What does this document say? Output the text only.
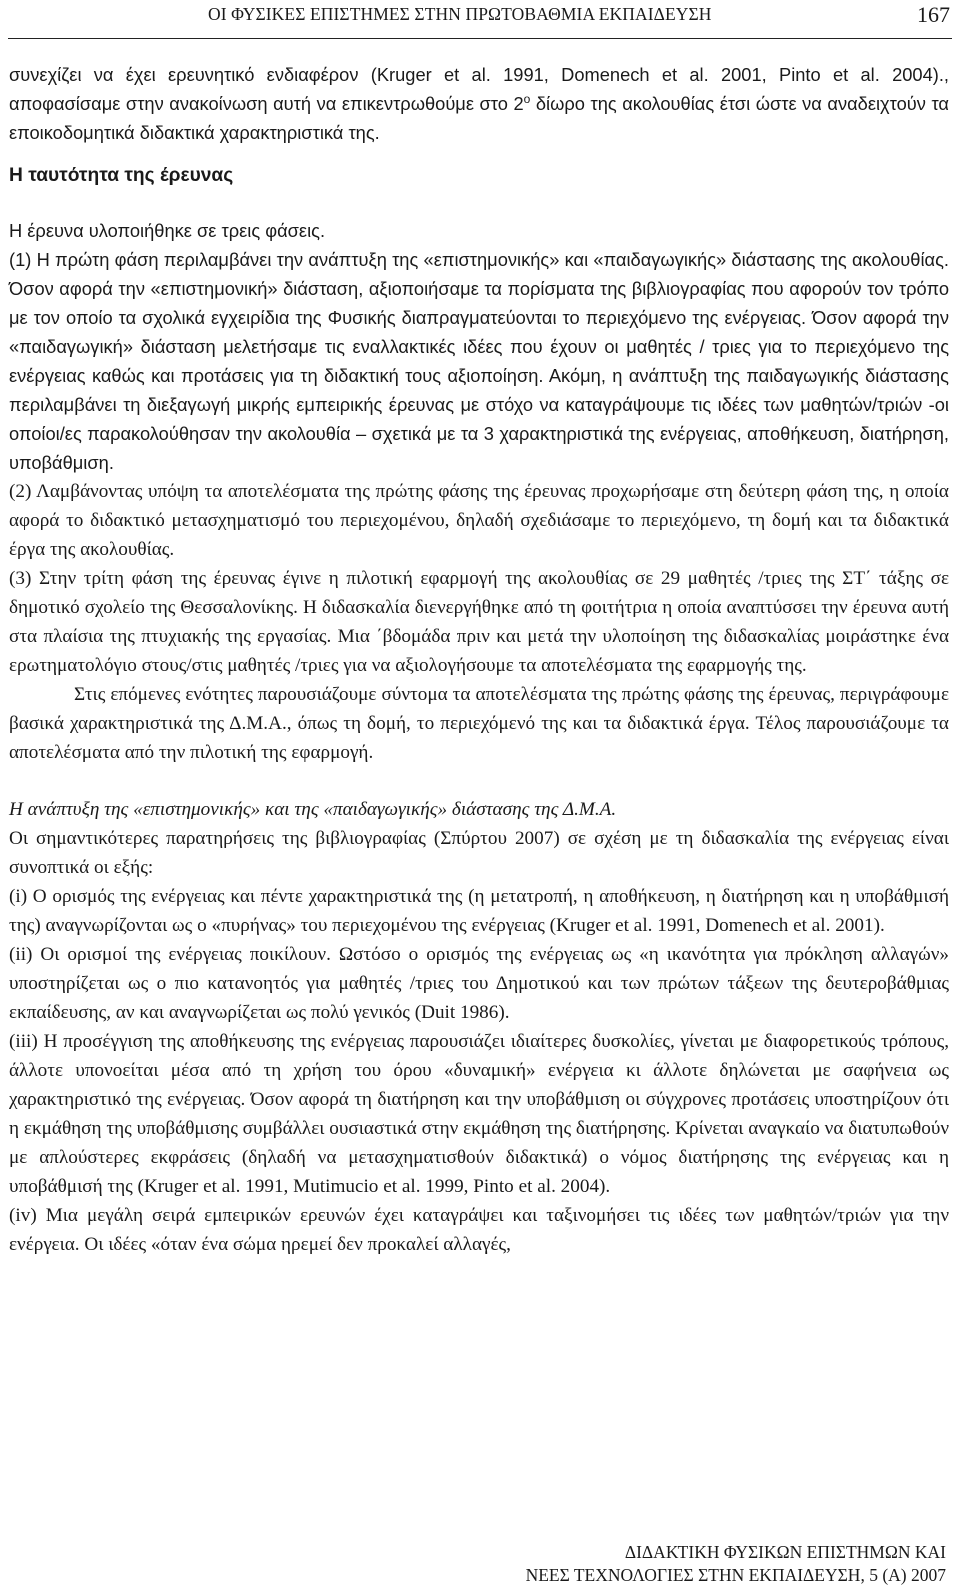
ΟΙ ΦΥΣΙΚΕΣ ΕΠΙΣΤΗΜΕΣ ΣΤΗΝ ΠΡΩΤΟΒΑΘΜΙΑ ΕΚΠΑΙΔΕΥΣΗ	167

συνεχίζει να έχει ερευνητικό ενδιαφέρον (Kruger et al. 1991, Domenech et al. 2001, Pinto et al. 2004)., αποφασίσαμε στην ανακοίνωση αυτή να επικεντρωθούμε στο $2^o$ δίωρο της ακολουθίας έτσι ώστε να αναδειχτούν τα εποικοδομητικά διδακτικά χαρακτηριστικά της.

Η ταυτότητα της έρευνας

Η έρευνα υλοποιήθηκε σε τρεις φάσεις.

(1) Η πρώτη φάση περιλαμβάνει την ανάπτυξη της «επιστημονικής» και «παιδαγωγικής» διάστασης της ακολουθίας. Όσον αφορά την «επιστημονική» διάσταση, αξιοποιήσαμε τα πορίσματα της βιβλιογραφίας που αφορούν τον τρόπο με τον οποίο τα σχολικά εγχειρίδια της Φυσικής διαπραγματεύονται το περιεχόμενο της ενέργειας. Όσον αφορά την «παιδαγωγική» διάσταση μελετήσαμε τις εναλλακτικές ιδέες που έχουν οι μαθητές / τριες για το περιεχόμενο της ενέργειας καθώς και προτάσεις για τη διδακτική τους αξιοποίηση. Ακόμη, η ανάπτυξη της παιδαγωγικής διάστασης περιλαμβάνει τη διεξαγωγή μικρής εμπειρικής έρευνας με στόχο να καταγράψουμε τις ιδέες των μαθητών/τριών -οι οποίοι/ες παρακολούθησαν την ακολουθία – σχετικά με τα 3 χαρακτηριστικά της ενέργειας, αποθήκευση, διατήρηση, υποβάθμιση.

(2) Λαμβάνοντας υπόψη τα αποτελέσματα της πρώτης φάσης της έρευνας προχωρήσαμε στη δεύτερη φάση της, η οποία αφορά το διδακτικό μετασχηματισμό του περιεχομένου, δηλαδή σχεδιάσαμε το περιεχόμενο, τη δομή και τα διδακτικά έργα της ακολουθίας.

(3) Στην τρίτη φάση της έρευνας έγινε η πιλοτική εφαρμογή της ακολουθίας σε 29 μαθητές /τριες της ΣΤ΄ τάξης σε δημοτικό σχολείο της Θεσσαλονίκης. Η διδασκαλία διενεργήθηκε από τη φοιτήτρια η οποία αναπτύσσει την έρευνα αυτή στα πλαίσια της πτυχιακής της εργασίας. Μια ΄βδομάδα πριν και μετά την υλοποίηση της διδασκαλίας μοιράστηκε ένα ερωτηματολόγιο στους/στις μαθητές /τριες για να αξιολογήσουμε τα αποτελέσματα της εφαρμογής της.

Στις επόμενες ενότητες παρουσιάζουμε σύντομα τα αποτελέσματα της πρώτης φάσης της έρευνας, περιγράφουμε βασικά χαρακτηριστικά της Δ.Μ.Α., όπως τη δομή, το περιεχόμενό της και τα διδακτικά έργα. Τέλος παρουσιάζουμε τα αποτελέσματα από την πιλοτική της εφαρμογή.

Η ανάπτυξη της «επιστημονικής» και της «παιδαγωγικής» διάστασης της Δ.Μ.Α.

Οι σημαντικότερες παρατηρήσεις της βιβλιογραφίας (Σπύρτου 2007) σε σχέση με τη διδασκαλία της ενέργειας είναι συνοπτικά οι εξής:

(i) Ο ορισμός της ενέργειας και πέντε χαρακτηριστικά της (η μετατροπή, η αποθήκευση, η διατήρηση και η υποβάθμισή της) αναγνωρίζονται ως ο «πυρήνας» του περιεχομένου της ενέργειας (Kruger et al. 1991, Domenech et al. 2001).

(ii) Οι ορισμοί της ενέργειας ποικίλουν. Ωστόσο ο ορισμός της ενέργειας ως «η ικανότητα για πρόκληση αλλαγών» υποστηρίζεται ως ο πιο κατανοητός για μαθητές /τριες του Δημοτικού και των πρώτων τάξεων της δευτεροβάθμιας εκπαίδευσης, αν και αναγνωρίζεται ως πολύ γενικός (Duit 1986).

(iii) Η προσέγγιση της αποθήκευσης της ενέργειας παρουσιάζει ιδιαίτερες δυσκολίες, γίνεται με διαφορετικούς τρόπους, άλλοτε υπονοείται μέσα από τη χρήση του όρου «δυναμική» ενέργεια κι άλλοτε δηλώνεται με σαφήνεια ως χαρακτηριστικό της ενέργειας. Όσον αφορά τη διατήρηση και την υποβάθμιση οι σύγχρονες προτάσεις υποστηρίζουν ότι η εκμάθηση της υποβάθμισης συμβάλλει ουσιαστικά στην εκμάθηση της διατήρησης. Κρίνεται αναγκαίο να διατυπωθούν με απλούστερες εκφράσεις (δηλαδή να μετασχηματισθούν διδακτικά) ο νόμος διατήρησης της ενέργειας και η υποβάθμισή της (Kruger et al. 1991, Mutimucio et al. 1999, Pinto et al. 2004).

(iv) Μια μεγάλη σειρά εμπειρικών ερευνών έχει καταγράψει και ταξινομήσει τις ιδέες των μαθητών/τριών για την ενέργεια. Οι ιδέες «όταν ένα σώμα ηρεμεί δεν προκαλεί αλλαγές,

ΔΙΔΑΚΤΙΚΗ ΦΥΣΙΚΩΝ ΕΠΙΣΤΗΜΩΝ ΚΑΙ
ΝΕΕΣ ΤΕΧΝΟΛΟΓΙΕΣ ΣΤΗΝ ΕΚΠΑΙΔΕΥΣΗ, 5 (Α) 2007
